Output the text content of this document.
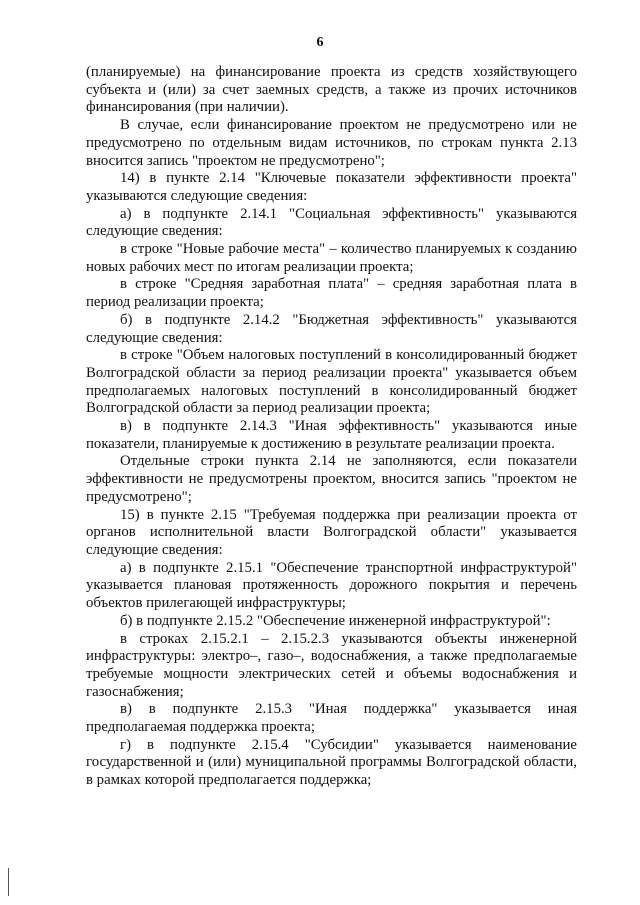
6

(планируемые) на финансирование проекта из средств хозяйствующего субъекта и (или) за счет заемных средств, а также из прочих источников финансирования (при наличии).

В случае, если финансирование проектом не предусмотрено или не предусмотрено по отдельным видам источников, по строкам пункта 2.13 вносится запись "проектом не предусмотрено";

14) в пункте 2.14 "Ключевые показатели эффективности проекта" указываются следующие сведения:

а) в подпункте 2.14.1 "Социальная эффективность" указываются следующие сведения:

в строке "Новые рабочие места" – количество планируемых к созданию новых рабочих мест по итогам реализации проекта;

в строке "Средняя заработная плата" – средняя заработная плата в период реализации проекта;

б) в подпункте 2.14.2 "Бюджетная эффективность" указываются следующие сведения:

в строке "Объем налоговых поступлений в консолидированный бюджет Волгоградской области за период реализации проекта" указывается объем предполагаемых налоговых поступлений в консолидированный бюджет Волгоградской области за период реализации проекта;

в) в подпункте 2.14.3 "Иная эффективность" указываются иные показатели, планируемые к достижению в результате реализации проекта.

Отдельные строки пункта 2.14 не заполняются, если показатели эффективности не предусмотрены проектом, вносится запись "проектом не предусмотрено";

15) в пункте 2.15 "Требуемая поддержка при реализации проекта от органов исполнительной власти Волгоградской области" указывается следующие сведения:

а) в подпункте 2.15.1 "Обеспечение транспортной инфраструктурой" указывается плановая протяженность дорожного покрытия и перечень объектов прилегающей инфраструктуры;

б) в подпункте 2.15.2 "Обеспечение инженерной инфраструктурой":

в строках 2.15.2.1 – 2.15.2.3 указываются объекты инженерной инфраструктуры: электро–, газо–, водоснабжения, а также предполагаемые требуемые мощности электрических сетей и объемы водоснабжения и газоснабжения;

в) в подпункте 2.15.3 "Иная поддержка" указывается иная предполагаемая поддержка проекта;

г) в подпункте 2.15.4 "Субсидии" указывается наименование государственной и (или) муниципальной программы Волгоградской области, в рамках которой предполагается поддержка;
